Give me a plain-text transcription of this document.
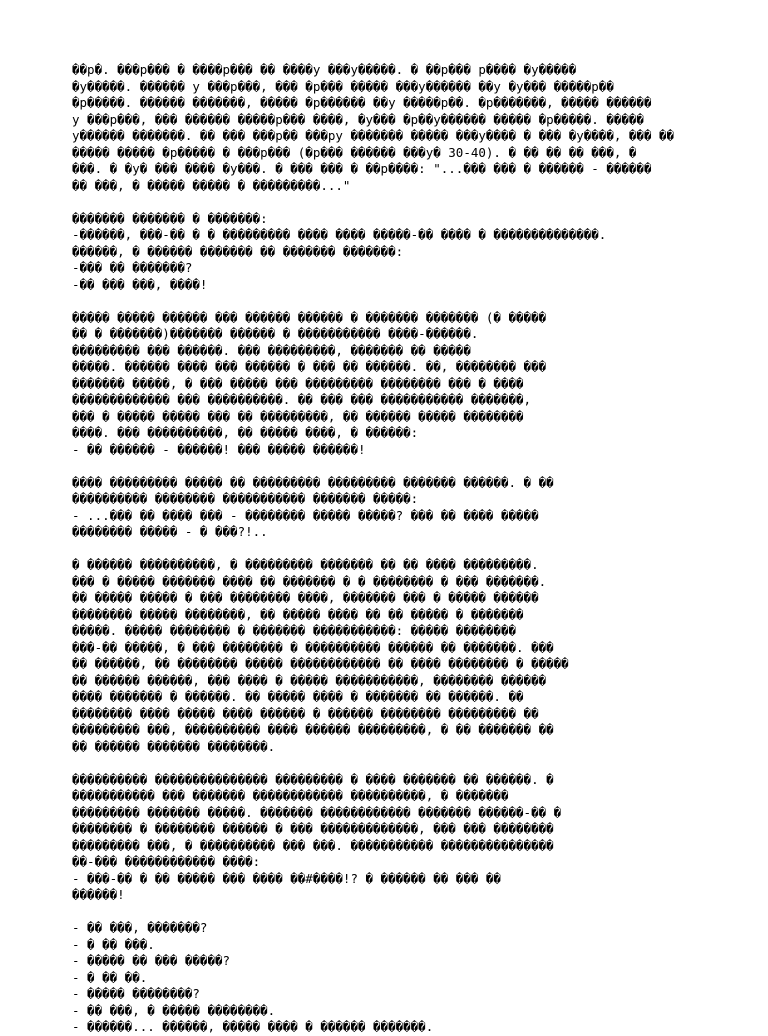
��р�. ���р��� � ����р��� �� ����у ���у�����. � ��р��� р���� �у�����
�у�����. ������ у ���р���, ��� �р��� ����� ���у������ ��у �у��� �����р��
�р�����. ������ �������, ����� �р������ ��у �����р��. �р�������, ����� ������
у ���р���, ��� ������ �����р��� ����, �у��� �р��у������ ����� �р�����. �����
у������ �������. �� ��� ���р�� ���ру ������� ����� ���у���� � ��� �у����, ��� ��
����� ����� �р����� � ���р��� (�р��� ������ ���у� 30-40). � �� �� �� ���, �
���. � �у� ��� ���� �у���. � ��� ��� � ��р����: "...��� ��� � ������ - ������
�� ���, � ����� ����� � ���������..."
������� ������� � �������:
-������, ���-�� � � ��������� ���� ���� �����-�� ���� � ��������������.
������, � ������ ������� �� ������� �������:
-��� �� �������?
-�� ��� ���, ����!
����� ����� ������ ��� ������ ������ � ������� ������� (� �����
�� � �������)������� ������ � ����������� ����-������.
��������� ��� ������. ��� ���������, ������� �� �����
�����. ������ ���� ��� ������ � ��� �� ������. ��, �������� ���
������� �����, � ��� ����� ��� ��������� �������� ��� � ����
������������� ��� ����������. �� ��� ��� ����������� �������,
��� � ����� ����� ��� �� ���������, �� ������ ����� ��������
����. ��� ����������, �� ����� ����, � ������:
- �� ������ - ������! ��� ����� ������!
���� ��������� ����� �� ��������� ��������� ������� ������. � ��
���������� �������� ����������� ������� �����:
- ...��� �� ���� ��� - �������� ����� �����? ��� �� ���� �����
�������� ����� - � ���?!..
� ������ ����������, � ��������� ������� �� �� ���� ���������.
��� � ����� ������� ���� �� ������� � � �������� � ��� �������.
�� ����� ����� � ��� �������� ����, ������� ��� � ����� ������
�������� ����� ��������, �� ����� ���� �� �� ����� � �������
�����. ����� �������� � ������� �����������: ����� ��������
���-�� �����, � ��� �������� � ���������� ������ �� �������. ���
�� ������, �� �������� ����� ������������ �� ���� �������� � �����
�� ������ ������, ��� ���� � ����� �����������, �������� ������
���� ������� � ������. �� ����� ���� � ������� �� ������. ��
�������� ���� ����� ���� ������ � ������ �������� ��������� ��
��������� ���, ���������� ���� ������ ���������, � �� ������� ��
�� ������ ������� ��������.
���������� ��������������� ��������� � ���� ������� �� ������. �
����������� ��� ������� ������������ ����������, � �������
��������� ������� �����. ������� ������������ ������� ������-�� �
�������� � �������� ������ � ��� �������������, ��� ��� ��������
��������� ���, � ���������� ��� ���. ����������� ���������������
��-��� ������������ ����:
- ���-�� � �� ����� ��� ���� ��#����!? � ������ �� ��� ��
������!
- �� ���, �������?
- � �� ���.
- ����� �� ��� �����?
- � �� ��.
- ����� ��������?
- �� ���, � ����� ��������.
- ������... ������, ����� ���� � ������ �������.
